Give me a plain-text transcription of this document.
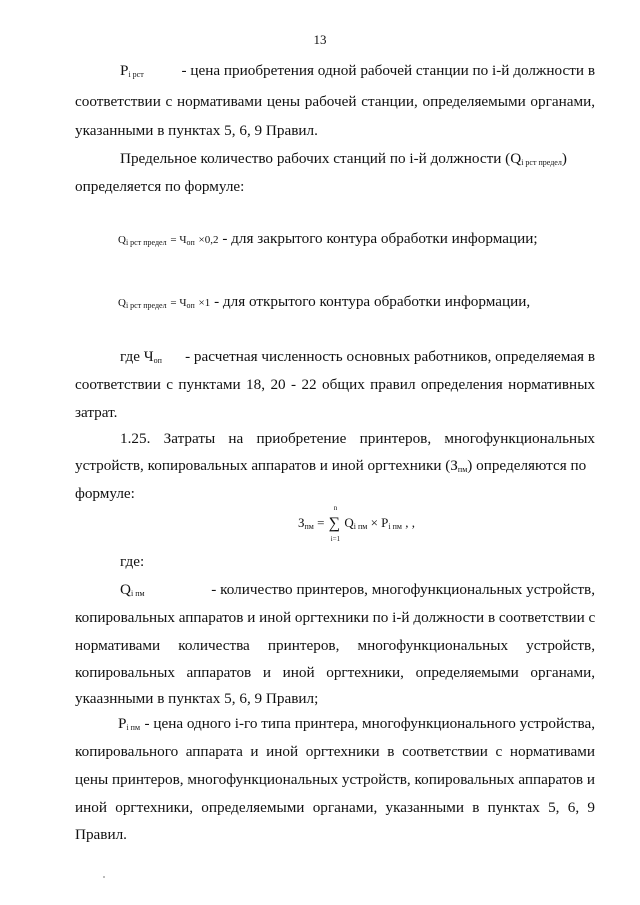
13
$P_{i рст}$ - цена приобретения одной рабочей станции по i-й должности в
соответствии с нормативами цены рабочей станции, определяемыми органами,
указанными в пунктах 5, 6, 9 Правил.
Предельное количество рабочих станций по i-й должности $(Q_{i рст предел})$
определяется по формуле:
$Q_{i рст предел} = Ч_{оп} \times 0,2$ - для закрытого контура обработки информации;
$Q_{i рст предел} = Ч_{оп} \times 1$ - для открытого контура обработки информации,
где $Ч_{оп}$ - расчетная численность основных работников, определяемая в
соответствии с пунктами 18, 20 - 22 общих правил определения нормативных
затрат.
1.25. Затраты на приобретение принтеров, многофункциональных
устройств, копировальных аппаратов и иной оргтехники $(З_{пм})$ определяются по
формуле:
$З_{пм}$ = ∑
n
i=1
$Q_{i пм} \times P_{i пм}$ , ,
где:
$Q_{i пм}$	- количество принтеров, многофункциональных устройств,
копировальных аппаратов и иной оргтехники по i-й должности в соответствии с
нормативами количества принтеров, многофункциональных устройств,
копировальных аппаратов и иной оргтехники, определяемыми органами,
укаазнными в пунктах 5, 6, 9 Правил;
$P_{i пм}$ - цена одного i-го типа принтера, многофункционального устройства,
копировального аппарата и иной оргтехники в соответствии с нормативами
цены принтеров, многофункциональных устройств, копировальных аппаратов и
иной оргтехники, определяемыми органами, указанными в пунктах 5, 6, 9
Правил.
